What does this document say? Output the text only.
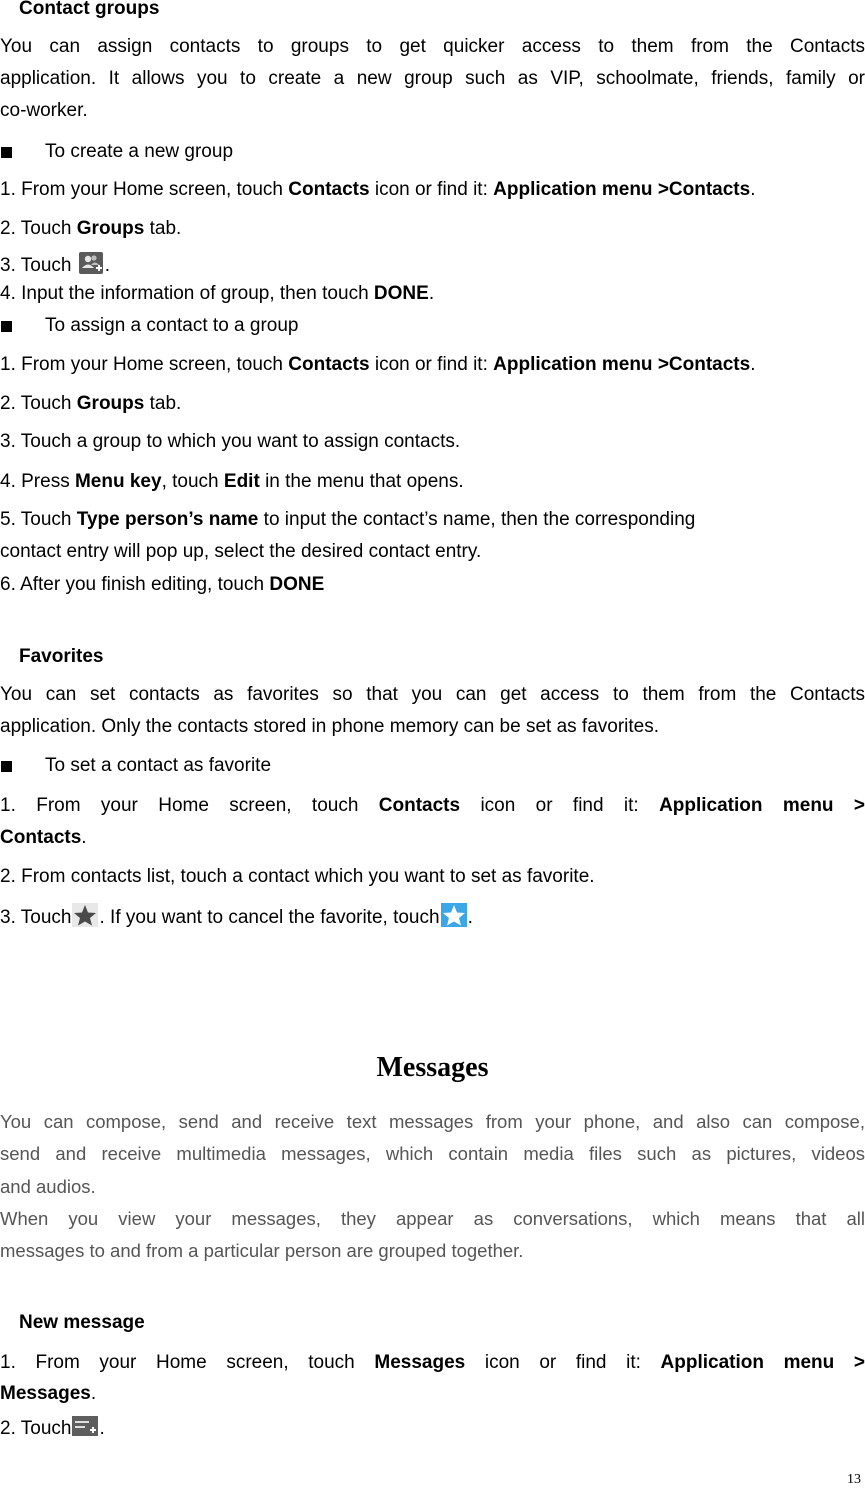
Contact groups
You can assign contacts to groups to get quicker access to them from the Contacts
application. It allows you to create a new group such as VIP, schoolmate, friends, family or
co-worker.
To create a new group
1. From your Home screen, touch Contacts icon or find it: Application menu >Contacts.
2. Touch Groups tab.
3. Touch .
4. Input the information of group, then touch DONE.
To assign a contact to a group
1. From your Home screen, touch Contacts icon or find it: Application menu >Contacts.
2. Touch Groups tab.
3. Touch a group to which you want to assign contacts.
4. Press Menu key, touch Edit in the menu that opens.
5. Touch Type person’s name to input the contact’s name, then the corresponding
contact entry will pop up, select the desired contact entry.
6. After you finish editing, touch DONE
Favorites
You can set contacts as favorites so that you can get access to them from the Contacts
application. Only the contacts stored in phone memory can be set as favorites.
To set a contact as favorite
1. From your Home screen, touch Contacts icon or find it: Application menu >
Contacts.
2. From contacts list, touch a contact which you want to set as favorite.
3. Touch . If you want to cancel the favorite, touch .
Messages
You can compose, send and receive text messages from your phone, and also can compose,
send and receive multimedia messages, which contain media files such as pictures, videos
and audios.
When you view your messages, they appear as conversations, which means that all
messages to and from a particular person are grouped together.
New message
1. From your Home screen, touch Messages icon or find it: Application menu >
Messages.
2. Touch .
13
